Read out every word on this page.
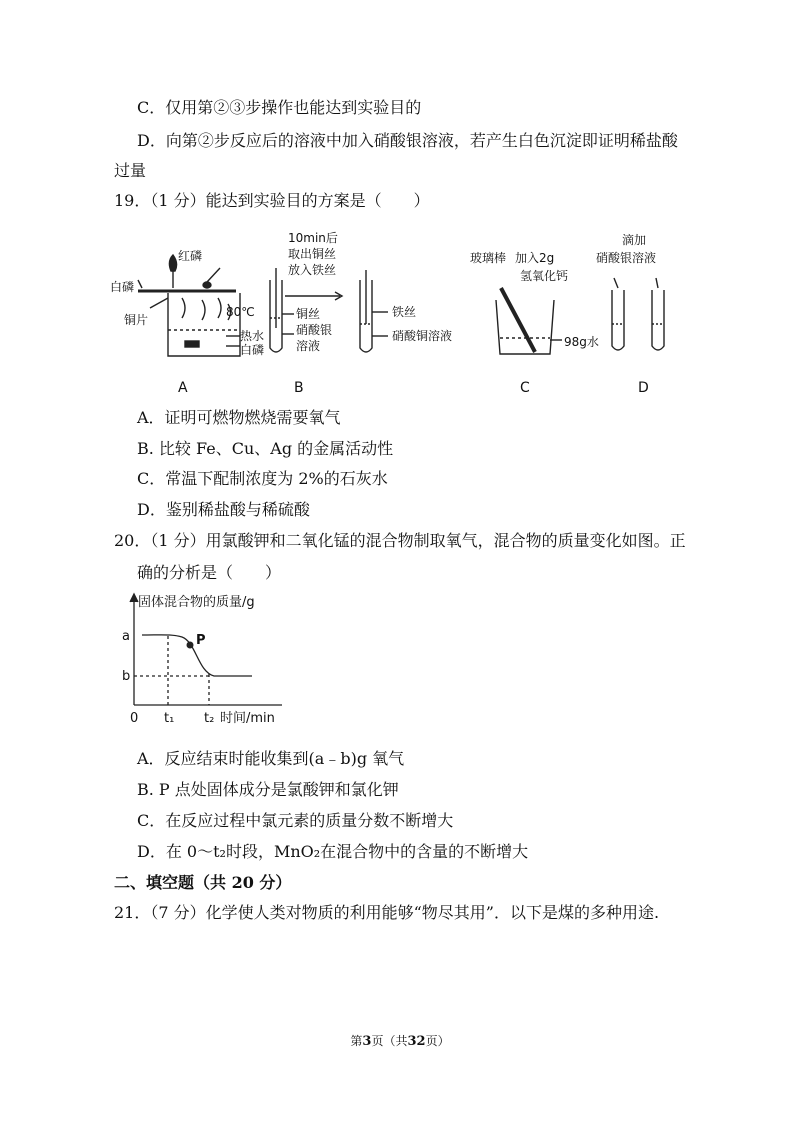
C．仅用第②③步操作也能达到实验目的
D．向第②步反应后的溶液中加入硝酸银溶液，若产生白色沉淀即证明稀盐酸
过量
19．（1 分）能达到实验目的方案是（　　）
红磷
白磷
铜片
80℃
热水
白磷
10min后
取出铜丝
放入铁丝
铜丝
硝酸银
溶液
铁丝
硝酸铜溶液
玻璃棒 加入2g
氢氧化钙
98g水
滴加
硝酸银溶液
A	B	C	D
A．证明可燃物燃烧需要氧气
B. 比较 Fe、Cu、Ag 的金属活动性
C．常温下配制浓度为 2%的石灰水
D．鉴别稀盐酸与稀硫酸
20．（1 分）用氯酸钾和二氧化锰的混合物制取氧气，混合物的质量变化如图。正
确的分析是（　　）
固体混合物的质量/g
a
b
P
0 t₁ t₂ 时间/min
A．反应结束时能收集到(a﹣b)g 氧气
B. P 点处固体成分是氯酸钾和氯化钾
C．在反应过程中氯元素的质量分数不断增大
D．在 0～t₂时段，MnO₂在混合物中的含量的不断增大
二、填空题（共 20 分）
21．（7 分）化学使人类对物质的利用能够“物尽其用”．以下是煤的多种用途.
第3页（共32页）
